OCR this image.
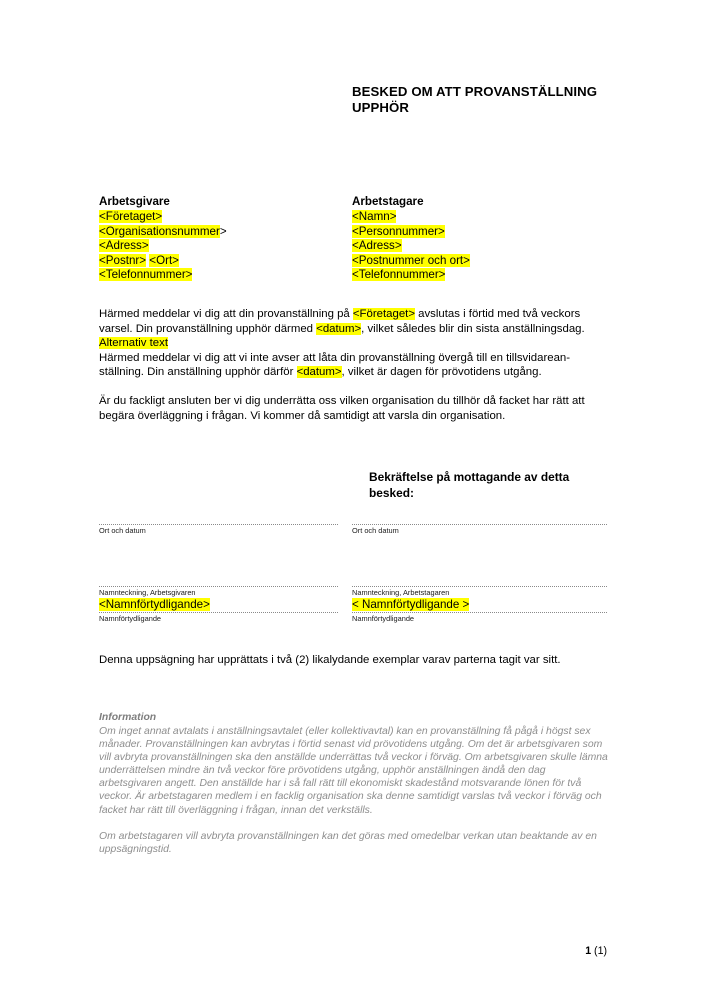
BESKED OM ATT PROVANSTÄLLNING UPPHÖR

Arbetsgivare

<Företaget>

<Organisationsnummer>

<Adress>

<Postnr> <Ort>

<Telefonnummer>

Arbetstagare

<Namn>

<Personnummer>

<Adress>

<Postnummer och ort>

<Telefonnummer>

Härmed meddelar vi dig att din provanställning på <Företaget> avslutas i förtid med två veckors varsel. Din provanställning upphör därmed <datum>, vilket således blir din sista anställningsdag.

Alternativ text

Härmed meddelar vi dig att vi inte avser att låta din provanställning övergå till en tillsvidarean-ställning. Din anställning upphör därför <datum>, vilket är dagen för prövotidens utgång.

Är du fackligt ansluten ber vi dig underrätta oss vilken organisation du tillhör då facket har rätt att begära överläggning i frågan. Vi kommer då samtidigt att varsla din organisation.

Bekräftelse på mottagande av detta besked:

Ort och datum	Ort och datum

Namnteckning, Arbetsgivaren

<Namnförtydligande>

Namnförtydligande

Namnteckning, Arbetstagaren

< Namnförtydligande >

Namnförtydligande

Denna uppsägning har upprättats i två (2) likalydande exemplar varav parterna tagit var sitt.

Information

Om inget annat avtalats i anställningsavtalet (eller kollektivavtal) kan en provanställning få pågå i högst sex månader. Provanställningen kan avbrytas i förtid senast vid prövotidens utgång. Om det är arbetsgivaren som vill avbryta provanställningen ska den anställde underrättas två veckor i förväg. Om arbetsgivaren skulle lämna underrättelsen mindre än två veckor före prövotidens utgång, upphör anställningen ändå den dag arbetsgivaren angett. Den anställde har i så fall rätt till ekonomiskt skadestånd motsvarande lönen för två veckor. Är arbetstagaren medlem i en facklig organisation ska denne samtidigt varslas två veckor i förväg och facket har rätt till överläggning i frågan, innan det verkställs.

Om arbetstagaren vill avbryta provanställningen kan det göras med omedelbar verkan utan beaktande av en uppsägningstid.

1 (1)
